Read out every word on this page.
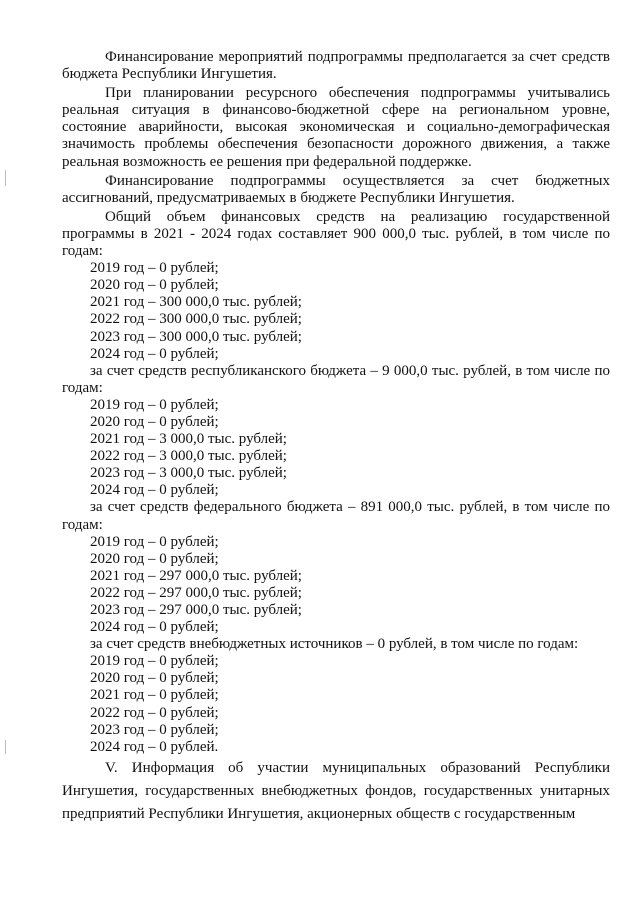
Финансирование мероприятий подпрограммы предполагается за счет средств бюджета Республики Ингушетия.

При планировании ресурсного обеспечения подпрограммы учитывались реальная ситуация в финансово-бюджетной сфере на региональном уровне, состояние аварийности, высокая экономическая и социально-демографическая значимость проблемы обеспечения безопасности дорожного движения, а также реальная возможность ее решения при федеральной поддержке.

Финансирование подпрограммы осуществляется за счет бюджетных ассигнований, предусматриваемых в бюджете Республики Ингушетия.

Общий объем финансовых средств на реализацию государственной программы в 2021 - 2024 годах составляет 900 000,0 тыс. рублей, в том числе по годам:

2019 год – 0 рублей;
2020 год – 0 рублей;
2021 год – 300 000,0 тыс. рублей;
2022 год – 300 000,0 тыс. рублей;
2023 год – 300 000,0 тыс. рублей;
2024 год – 0 рублей;

за счет средств республиканского бюджета – 9 000,0 тыс. рублей, в том числе по годам:

2019 год – 0 рублей;
2020 год – 0 рублей;
2021 год – 3 000,0 тыс. рублей;
2022 год – 3 000,0 тыс. рублей;
2023 год – 3 000,0 тыс. рублей;
2024 год – 0 рублей;

за счет средств федерального бюджета – 891 000,0 тыс. рублей, в том числе по годам:

2019 год – 0 рублей;
2020 год – 0 рублей;
2021 год – 297 000,0 тыс. рублей;
2022 год – 297 000,0 тыс. рублей;
2023 год – 297 000,0 тыс. рублей;
2024 год – 0 рублей;

за счет средств внебюджетных источников – 0 рублей, в том числе по годам:

2019 год – 0 рублей;
2020 год – 0 рублей;
2021 год – 0 рублей;
2022 год – 0 рублей;
2023 год – 0 рублей;
2024 год – 0 рублей.

V. Информация об участии муниципальных образований Республики Ингушетия, государственных внебюджетных фондов, государственных унитарных предприятий Республики Ингушетия, акционерных обществ с государственным
